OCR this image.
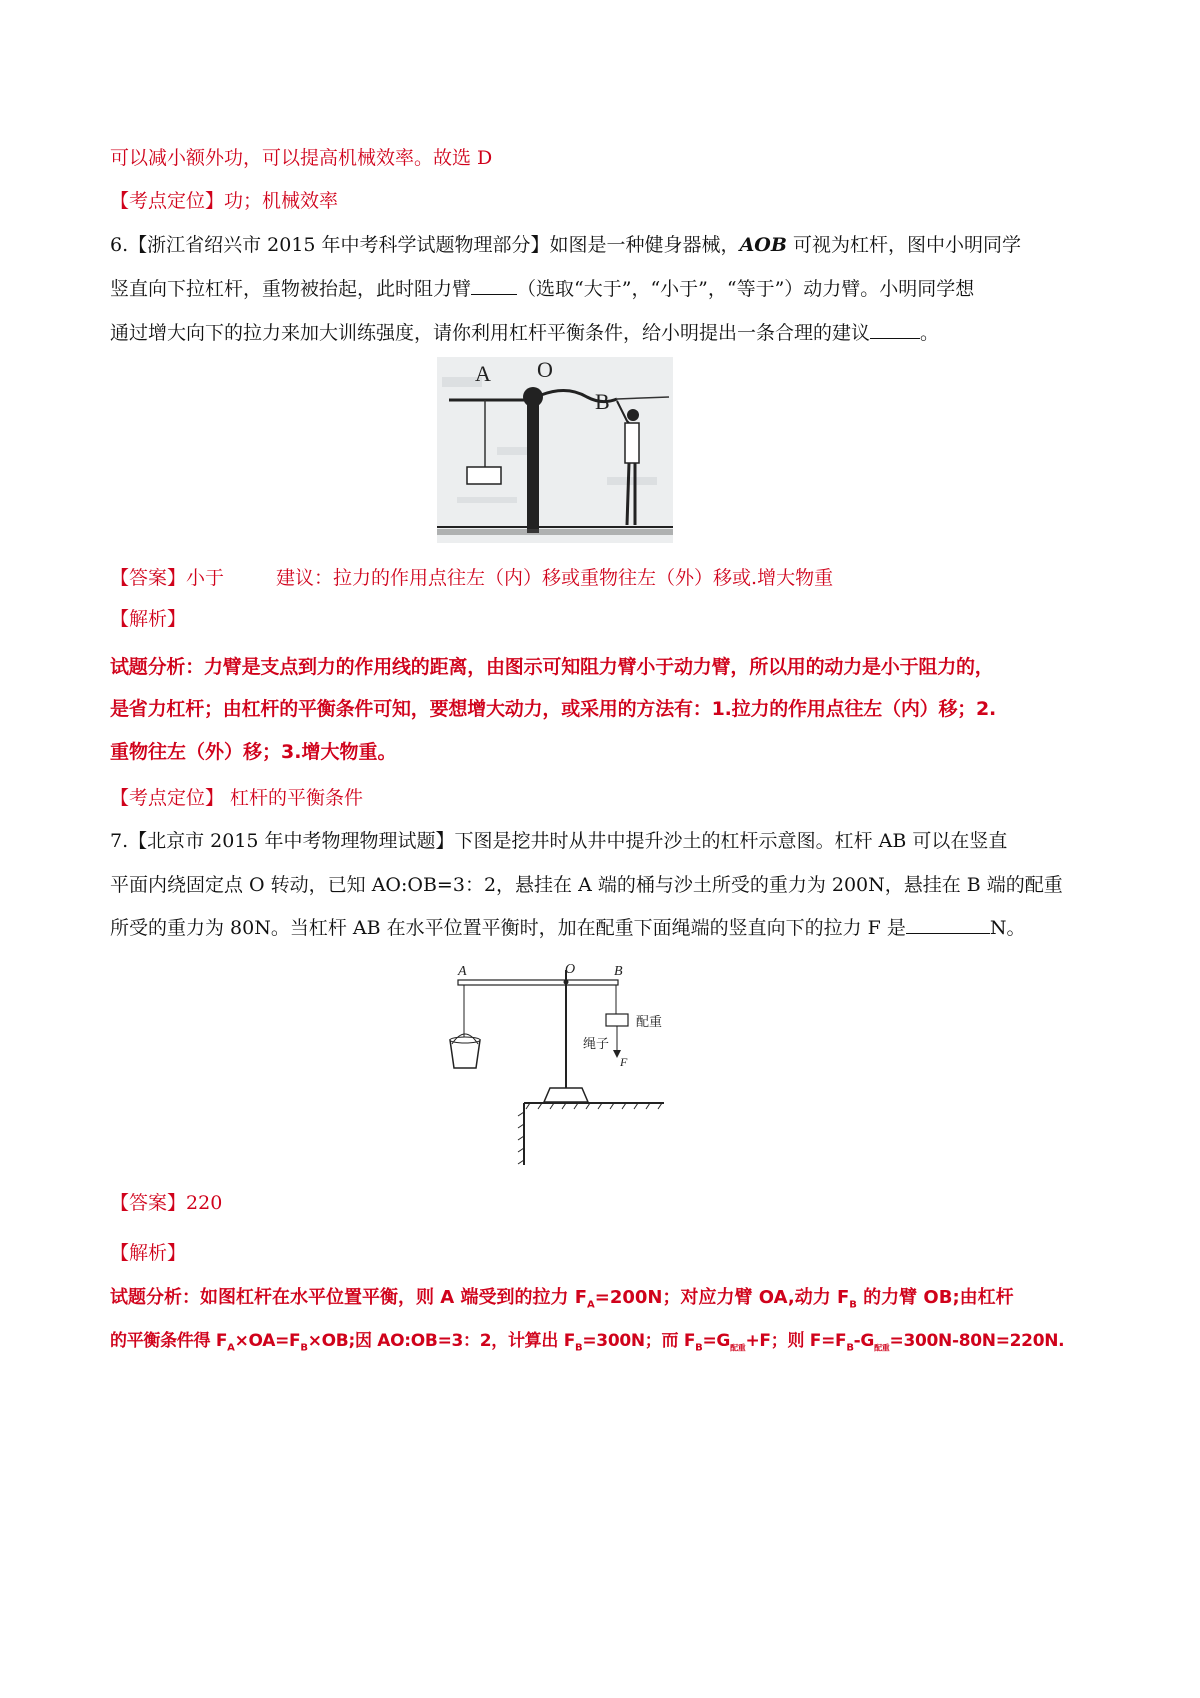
可以减小额外功，可以提高机械效率。故选 D
【考点定位】功；机械效率
6.【浙江省绍兴市 2015 年中考科学试题物理部分】如图是一种健身器械，AOB 可视为杠杆，图中小明同学
竖直向下拉杠杆，重物被抬起，此时阻力臂 （选取“大于”，“小于”，“等于”）动力臂。小明同学想
通过增大向下的拉力来加大训练强度，请你利用杠杆平衡条件，给小明提出一条合理的建议	。
A O
B
【答案】小于	建议：拉力的作用点往左（内）移或重物往左（外）移或.增大物重
【解析】
试题分析：力臂是支点到力的作用线的距离，由图示可知阻力臂小于动力臂，所以用的动力是小于阻力的，
是省力杠杆；由杠杆的平衡条件可知，要想增大动力，或采用的方法有：1.拉力的作用点往左（内）移；2.
重物往左（外）移；3.增大物重。
【考点定位】 杠杆的平衡条件
7.【北京市 2015 年中考物理物理试题】下图是挖井时从井中提升沙土的杠杆示意图。杠杆 AB 可以在竖直
平面内绕固定点 O 转动，已知 AO:OB=3：2，悬挂在 A 端的桶与沙土所受的重力为 200N，悬挂在 B 端的配重
所受的重力为 80N。当杠杆 AB 在水平位置平衡时，加在配重下面绳端的竖直向下的拉力 F 是	N。
A	O	B
配重
绳子
F
【答案】220
【解析】
试题分析：如图杠杆在水平位置平衡，则 A 端受到的拉力 $F_A=200N$；对应力臂 OA,动力 $F_B$ 的力臂 OB;由杠杆
的平衡条件得 $F_A\times OA=F_B\times OB$;因 AO:OB=3：2，计算出 $F_B=300N$；而 $F_B=G_{配重}+F$；则 $F=F_B-G_{配重}=300N-80N=220N$.
